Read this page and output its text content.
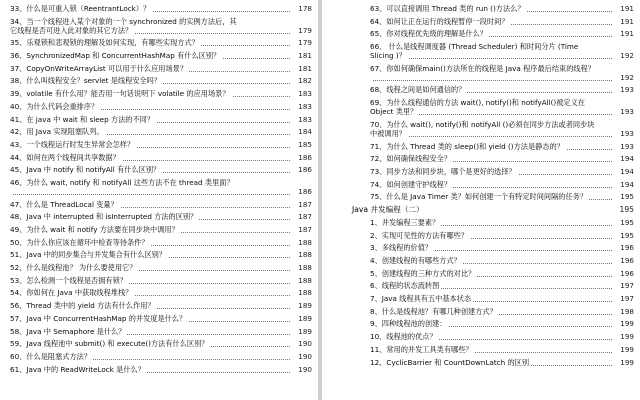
33、什么是可重入锁（ReentrantLock）？	178
34、当一个线程进入某个对象的一个 synchronized 的实例方法后，其
它线程是否可进入此对象的其它方法？	179
35、乐观锁和悲观锁的理解及如何实现，有哪些实现方式？	179
36、SynchronizedMap 和 ConcurrentHashMap 有什么区别？	181
37、CopyOnWriteArrayList 可以用于什么应用场景？	181
38、什么叫线程安全？servlet 是线程安全吗？	182
39、volatile 有什么用？能否用一句话说明下 volatile 的应用场景？	183
40、为什么代码会重排序？	183
41、在 java 中 wait 和 sleep 方法的不同？	183
42、用 Java 实现阻塞队列。	184
43、一个线程运行时发生异常会怎样？	185
44、如何在两个线程间共享数据？	186
45、Java 中 notify 和 notifyAll 有什么区别？	186
46、为什么 wait, notify 和 notifyAll 这些方法不在 thread 类里面？
186
47、什么是 ThreadLocal 变量？	187
48、Java 中 interrupted 和 isInterrupted 方法的区别？	187
49、为什么 wait 和 notify 方法要在同步块中调用？	187
50、为什么你应该在循环中检查等待条件？	188
51、Java 中的同步集合与并发集合有什么区别？	188
52、什么是线程池？ 为什么要使用它？	188
53、怎么检测一个线程是否拥有锁？	188
54、你如何在 Java 中获取线程堆栈？	188
56、Thread 类中的 yield 方法有什么作用？	189
57、Java 中 ConcurrentHashMap 的并发度是什么？	189
58、Java 中 Semaphore 是什么？	189
59、Java 线程池中 submit() 和 execute()方法有什么区别？	190
60、什么是阻塞式方法？	190
61、Java 中的 ReadWriteLock 是什么？	190
63、可以直接调用 Thread 类的 run ()方法么？	191
64、如何让正在运行的线程暂停一段时间？	191
65、你对线程优先级的理解是什么？	191
66、 什么是线程调度器 (Thread Scheduler) 和时间分片 (Time
Slicing )？	192
67、你如何确保main()方法所在的线程是 Java 程序最后结束的线程？
192
68、线程之间是如何通信的？	193
69、为什么线程通信的方法 wait(), notify()和 notifyAll()被定义在
Object 类里？	193
70、为什么 wait(), notify()和 notifyAll ()必须在同步方法或者同步块
中被调用？	193
71、为什么 Thread 类的 sleep()和 yield ()方法是静态的？	193
72、如何确保线程安全？	194
73、同步方法和同步块，哪个是更好的选择？	194
74、如何创建守护线程？	194
75、什么是 Java Timer 类？如何创建一个有特定时间间隔的任务？	195
Java 并发编程（二）	195
1、并发编程三要素？	195
2、实现可见性的方法有哪些？	195
3、多线程的价值？	196
4、创建线程的有哪些方式？	196
5、创建线程的三种方式的对比？	196
6、线程的状态流转图	197
7、Java 线程具有五中基本状态	197
8、什么是线程池？有哪几种创建方式？	198
9、四种线程池的创建：	199
10、线程池的优点？	199
11、常用的并发工具类有哪些？	199
12、CyclicBarrier 和 CountDownLatch 的区别	199
